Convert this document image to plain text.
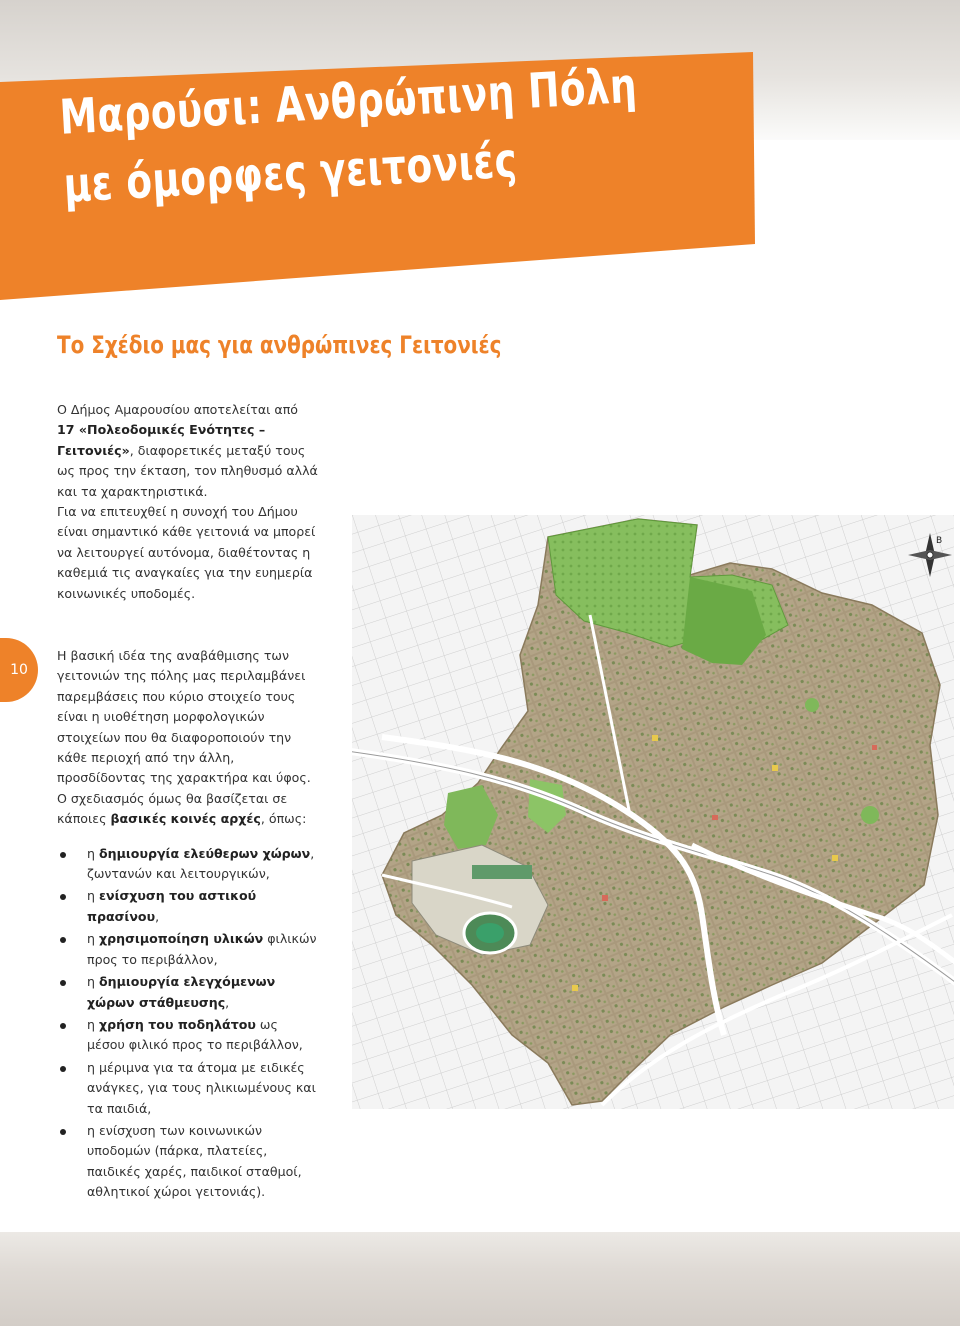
Μαρούσι: Ανθρώπινη Πόλη
με όμορφες γειτονιές
Το Σχέδιο μας για ανθρώπινες Γειτονιές
10

Ο Δήμος Αμαρουσίου αποτελείται από 17 «Πολεοδομικές Ενότητες – Γειτονιές», διαφορετικές μεταξύ τους ως προς την έκταση, τον πληθυσμό αλλά και τα χαρακτηριστικά.

Για να επιτευχθεί η συνοχή του Δήμου είναι σημαντικό κάθε γειτονιά να μπορεί να λειτουργεί αυτόνομα, διαθέτοντας η καθεμιά τις αναγκαίες για την ευημερία κοινωνικές υποδομές.

Η βασική ιδέα της αναβάθμισης των γειτονιών της πόλης μας περιλαμβάνει παρεμβάσεις που κύριο στοιχείο τους είναι η υιοθέτηση μορφολογικών στοιχείων που θα διαφοροποιούν την κάθε περιοχή από την άλλη, προσδίδοντας της χαρακτήρα και ύφος. Ο σχεδιασμός όμως θα βασίζεται σε κάποιες βασικές κοινές αρχές, όπως:

η δημιουργία ελεύθερων χώρων, ζωντανών και λειτουργικών,
η ενίσχυση του αστικού πρασίνου,
η χρησιμοποίηση υλικών φιλικών προς το περιβάλλον,
η δημιουργία ελεγχόμενων χώρων στάθμευσης,
η χρήση του ποδηλάτου ως μέσου φιλικό προς το περιβάλλον,
η μέριμνα για τα άτομα με ειδικές ανάγκες, για τους ηλικιωμένους και τα παιδιά,
η ενίσχυση των κοινωνικών υποδομών (πάρκα, πλατείες, παιδικές χαρές, παιδικοί σταθμοί, αθλητικοί χώροι γειτονιάς).
Β
